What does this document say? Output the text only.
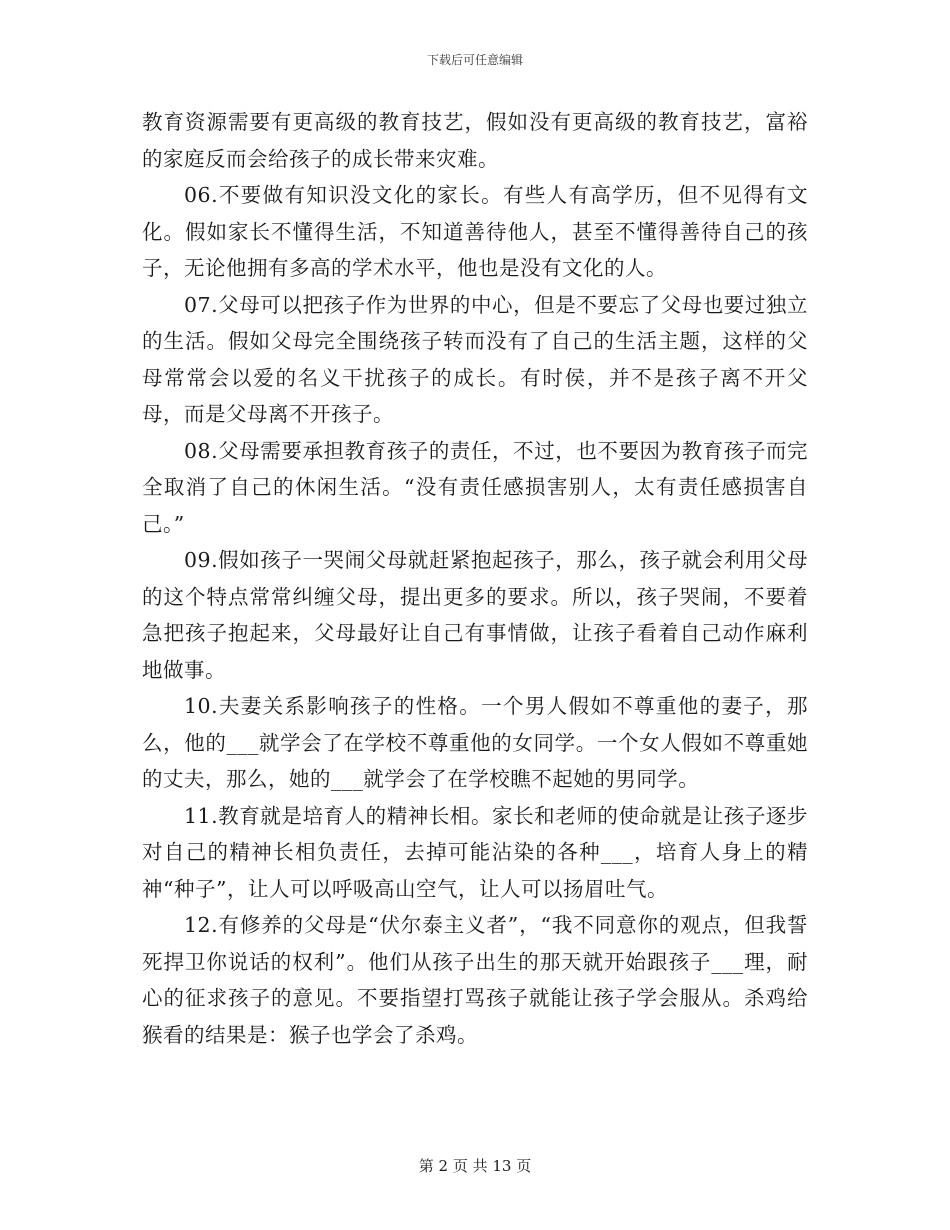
下载后可任意编辑

教育资源需要有更高级的教育技艺，假如没有更高级的教育技艺，富裕的家庭反而会给孩子的成长带来灾难。

06.不要做有知识没文化的家长。有些人有高学历，但不见得有文化。假如家长不懂得生活，不知道善待他人，甚至不懂得善待自己的孩子，无论他拥有多高的学术水平，他也是没有文化的人。

07.父母可以把孩子作为世界的中心，但是不要忘了父母也要过独立的生活。假如父母完全围绕孩子转而没有了自己的生活主题，这样的父母常常会以爱的名义干扰孩子的成长。有时侯，并不是孩子离不开父母，而是父母离不开孩子。

08.父母需要承担教育孩子的责任，不过，也不要因为教育孩子而完全取消了自己的休闲生活。“没有责任感损害别人，太有责任感损害自己。”

09.假如孩子一哭闹父母就赶紧抱起孩子，那么，孩子就会利用父母的这个特点常常纠缠父母，提出更多的要求。所以，孩子哭闹，不要着急把孩子抱起来，父母最好让自己有事情做，让孩子看着自己动作麻利地做事。

10.夫妻关系影响孩子的性格。一个男人假如不尊重他的妻子，那么，他的___就学会了在学校不尊重他的女同学。一个女人假如不尊重她的丈夫，那么，她的___就学会了在学校瞧不起她的男同学。

11.教育就是培育人的精神长相。家长和老师的使命就是让孩子逐步对自己的精神长相负责任，去掉可能沾染的各种___，培育人身上的精神“种子”，让人可以呼吸高山空气，让人可以扬眉吐气。

12.有修养的父母是“伏尔泰主义者”，“我不同意你的观点，但我誓死捍卫你说话的权利”。他们从孩子出生的那天就开始跟孩子___理，耐心的征求孩子的意见。不要指望打骂孩子就能让孩子学会服从。杀鸡给猴看的结果是：猴子也学会了杀鸡。

第 2 页 共 13 页
